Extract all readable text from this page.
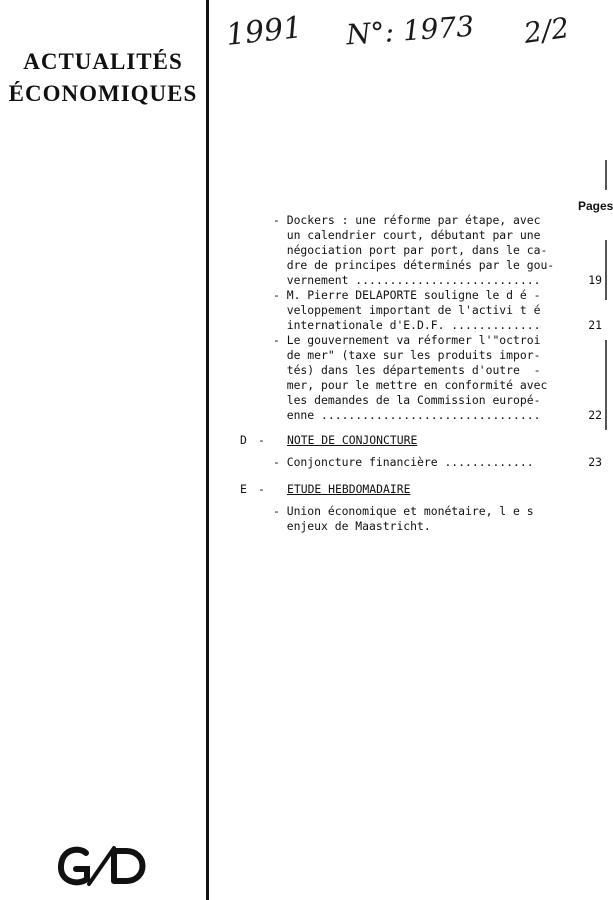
ACTUALITÉS
ÉCONOMIQUES
1991 N°: 1973 2/2
Pages
- Dockers : une réforme par étape, avec
un calendrier court, débutant par une
négociation port par port, dans le ca-
dre de principes déterminés par le gou-
vernement ...........................	19
- M. Pierre DELAPORTE souligne le d é -
veloppement important de l'activi t é
internationale d'E.D.F. .............	21
- Le gouvernement va réformer l'"octroi
de mer" (taxe sur les produits impor-
tés) dans les départements d'outre  -
mer, pour le mettre en conformité avec
les demandes de la Commission europé-
enne ................................	22
D - NOTE DE CONJONCTURE
- Conjoncture financière .............	23
E - ETUDE HEBDOMADAIRE
- Union économique et monétaire, l e s
enjeux de Maastricht.
